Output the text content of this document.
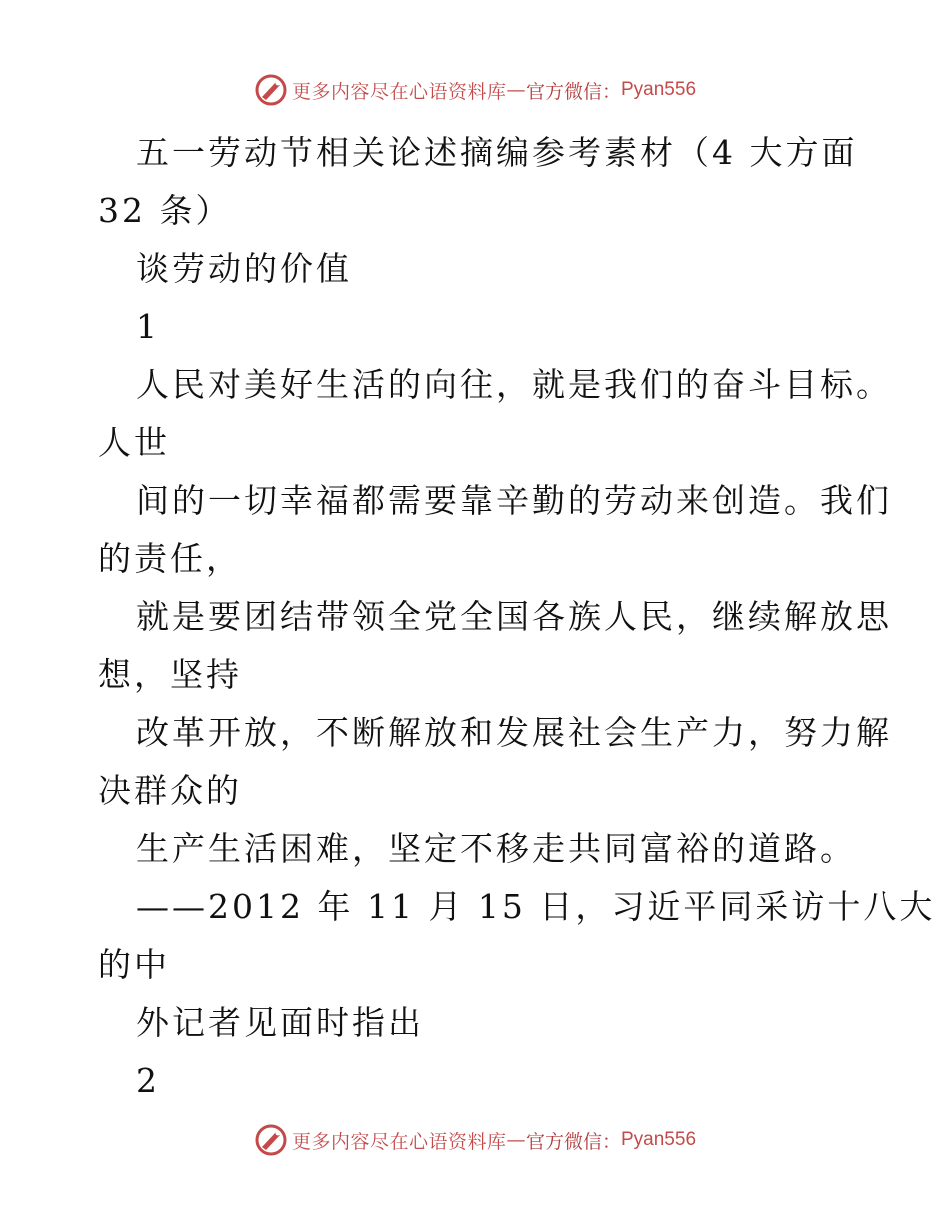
更多内容尽在心语资料库 — 官方微信： Pyan556
五一劳动节相关论述摘编参考素材（4 大方面
32 条）
谈劳动的价值
1
人民对美好生活的向往，就是我们的奋斗目标。
人世
间的一切幸福都需要靠辛勤的劳动来创造。我们
的责任，
就是要团结带领全党全国各族人民，继续解放思
想，坚持
改革开放，不断解放和发展社会生产力，努力解
决群众的
生产生活困难，坚定不移走共同富裕的道路。
——2012 年 11 月 15 日，习近平同采访十八大
的中
外记者见面时指出
2
更多内容尽在心语资料库 — 官方微信： Pyan556
